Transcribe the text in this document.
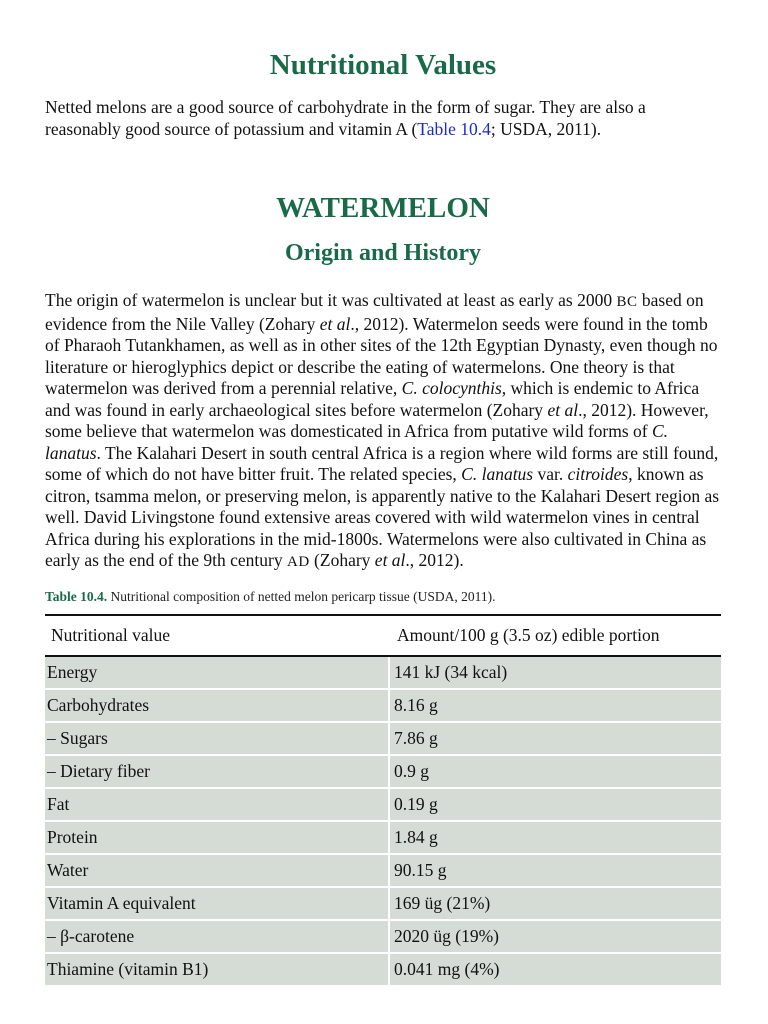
Nutritional Values

Netted melons are a good source of carbohydrate in the form of sugar. They are also a reasonably good source of potassium and vitamin A (Table 10.4; USDA, 2011).

WATERMELON
Origin and History

The origin of watermelon is unclear but it was cultivated at least as early as 2000 BC based on evidence from the Nile Valley (Zohary et al., 2012). Watermelon seeds were found in the tomb of Pharaoh Tutankhamen, as well as in other sites of the 12th Egyptian Dynasty, even though no literature or hieroglyphics depict or describe the eating of watermelons. One theory is that watermelon was derived from a perennial relative, C. colocynthis, which is endemic to Africa and was found in early archaeological sites before watermelon (Zohary et al., 2012). However, some believe that watermelon was domesticated in Africa from putative wild forms of C. lanatus. The Kalahari Desert in south central Africa is a region where wild forms are still found, some of which do not have bitter fruit. The related species, C. lanatus var. citroides, known as citron, tsamma melon, or preserving melon, is apparently native to the Kalahari Desert region as well. David Livingstone found extensive areas covered with wild watermelon vines in central Africa during his explorations in the mid-1800s. Watermelons were also cultivated in China as early as the end of the 9th century AD (Zohary et al., 2012).

Table 10.4. Nutritional composition of netted melon pericarp tissue (USDA, 2011).
Nutritional value	Amount/100 g (3.5 oz) edible portion
Energy	141 kJ (34 kcal)
Carbohydrates	8.16 g
– Sugars	7.86 g
– Dietary fiber	0.9 g
Fat	0.19 g
Protein	1.84 g
Water	90.15 g
Vitamin A equivalent	169 üg (21%)
– β-carotene	2020 üg (19%)
Thiamine (vitamin B1)	0.041 mg (4%)
